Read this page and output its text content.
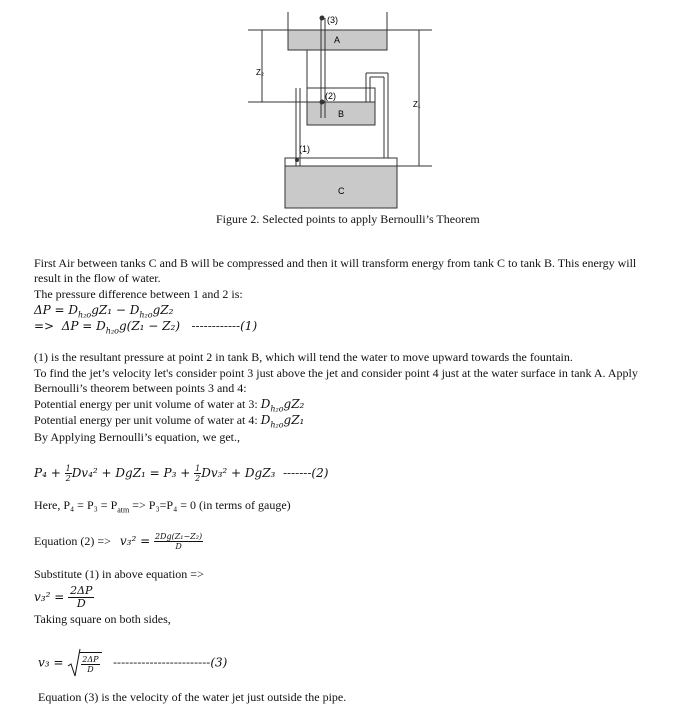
(3)
A
Z₂
(2)
B
Z₁
(1)
C
Figure 2. Selected points to apply Bernoulli’s Theorem
First Air between tanks C and B will be compressed and then it will transform energy from tank C to tank B. This energy will result in the flow of water.
The pressure difference between 1 and 2 is:
$\Delta P = D_{h_2o}gZ_1 - D_{h_2o}gZ_2$
=> $\Delta P = D_{h_2o}g(Z_1 - Z_2)$ ------------(1)
(1) is the resultant pressure at point 2 in tank B, which will tend the water to move upward towards the fountain.
To find the jet’s velocity let's consider point 3 just above the jet and consider point 4 just at the water surface in tank A. Apply Bernoulli’s theorem between points 3 and 4:
Potential energy per unit volume of water at 3: $D_{h_2o}gZ_2$
Potential energy per unit volume of water at 4: $D_{h_2o}gZ_1$
By Applying Bernoulli’s equation, we get.,
$P_4 + \frac{1}{2} Dv_4^2 + DgZ_1 = P_3 + \frac{1}{2} Dv_3^2 + DgZ_3$ -------(2)
Here, $P_4 = P_3 = P_{atm} => P_3=P_4 = 0$ (in terms of gauge)
Equation $(2) => v_3^2 = \frac{\text{2Dg(Z₁−Z₂)}}{D}$
Substitute (1) in above equation =>
$v_3^2 = \frac{2\Delta P}{D}$
Taking square on both sides,
$v_3 = \frac{2\Delta P}{D} ------------------------(3)$
Equation (3) is the velocity of the water jet just outside the pipe.
